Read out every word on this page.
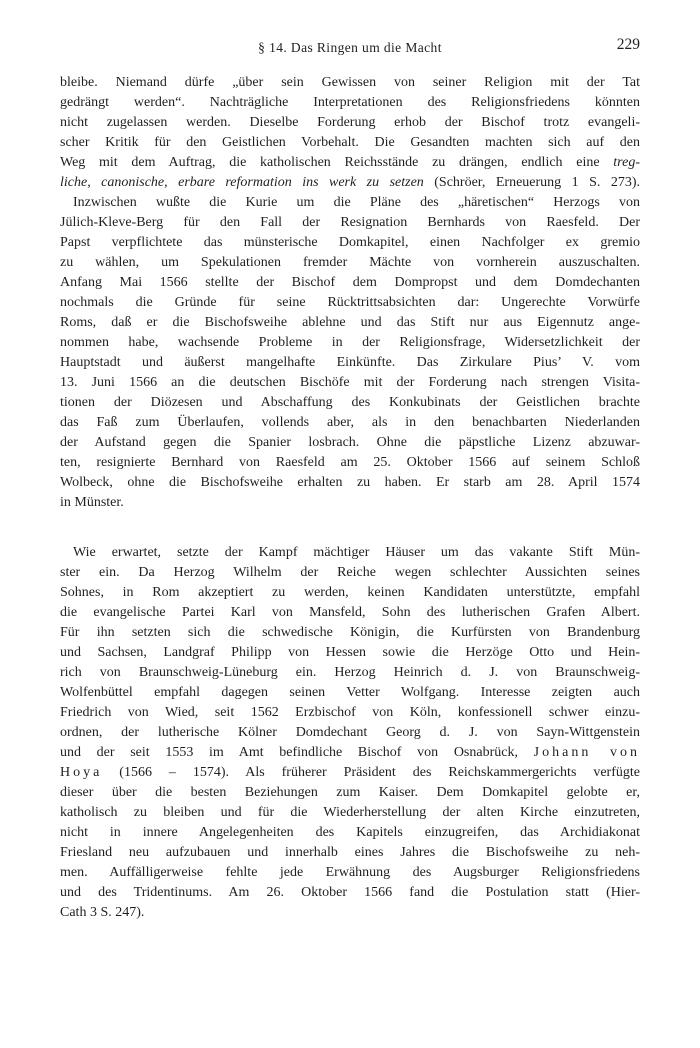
§ 14. Das Ringen um die Macht	229
bleibe. Niemand dürfe „über sein Gewissen von seiner Religion mit der Tat
gedrängt werden“. Nachträgliche Interpretationen des Religionsfriedens könnten
nicht zugelassen werden. Dieselbe Forderung erhob der Bischof trotz evangeli-
scher Kritik für den Geistlichen Vorbehalt. Die Gesandten machten sich auf den
Weg mit dem Auftrag, die katholischen Reichsstände zu drängen, endlich eine treg-
liche, canonische, erbare reformation ins werk zu setzen (Schröer, Erneuerung 1 S. 273).
Inzwischen wußte die Kurie um die Pläne des „häretischen“ Herzogs von
Jülich-Kleve-Berg für den Fall der Resignation Bernhards von Raesfeld. Der
Papst verpflichtete das münsterische Domkapitel, einen Nachfolger ex gremio
zu wählen, um Spekulationen fremder Mächte von vornherein auszuschalten.
Anfang Mai 1566 stellte der Bischof dem Dompropst und dem Domdechanten
nochmals die Gründe für seine Rücktrittsabsichten dar: Ungerechte Vorwürfe
Roms, daß er die Bischofsweihe ablehne und das Stift nur aus Eigennutz ange-
nommen habe, wachsende Probleme in der Religionsfrage, Widersetzlichkeit der
Hauptstadt und äußerst mangelhafte Einkünfte. Das Zirkulare Pius’ V. vom
13. Juni 1566 an die deutschen Bischöfe mit der Forderung nach strengen Visita-
tionen der Diözesen und Abschaffung des Konkubinats der Geistlichen brachte
das Faß zum Überlaufen, vollends aber, als in den benachbarten Niederlanden
der Aufstand gegen die Spanier losbrach. Ohne die päpstliche Lizenz abzuwar-
ten, resignierte Bernhard von Raesfeld am 25. Oktober 1566 auf seinem Schloß
Wolbeck, ohne die Bischofsweihe erhalten zu haben. Er starb am 28. April 1574
in Münster.
Wie erwartet, setzte der Kampf mächtiger Häuser um das vakante Stift Mün-
ster ein. Da Herzog Wilhelm der Reiche wegen schlechter Aussichten seines
Sohnes, in Rom akzeptiert zu werden, keinen Kandidaten unterstützte, empfahl
die evangelische Partei Karl von Mansfeld, Sohn des lutherischen Grafen Albert.
Für ihn setzten sich die schwedische Königin, die Kurfürsten von Brandenburg
und Sachsen, Landgraf Philipp von Hessen sowie die Herzöge Otto und Hein-
rich von Braunschweig-Lüneburg ein. Herzog Heinrich d. J. von Braunschweig-
Wolfenbüttel empfahl dagegen seinen Vetter Wolfgang. Interesse zeigten auch
Friedrich von Wied, seit 1562 Erzbischof von Köln, konfessionell schwer einzu-
ordnen, der lutherische Kölner Domdechant Georg d. J. von Sayn-Wittgenstein
und der seit 1553 im Amt befindliche Bischof von Osnabrück, Johann von
Hoya (1566 – 1574). Als früherer Präsident des Reichskammergerichts verfügte
dieser über die besten Beziehungen zum Kaiser. Dem Domkapitel gelobte er,
katholisch zu bleiben und für die Wiederherstellung der alten Kirche einzutreten,
nicht in innere Angelegenheiten des Kapitels einzugreifen, das Archidiakonat
Friesland neu aufzubauen und innerhalb eines Jahres die Bischofsweihe zu neh-
men. Auffälligerweise fehlte jede Erwähnung des Augsburger Religionsfriedens
und des Tridentinums. Am 26. Oktober 1566 fand die Postulation statt (Hier-
Cath 3 S. 247).
